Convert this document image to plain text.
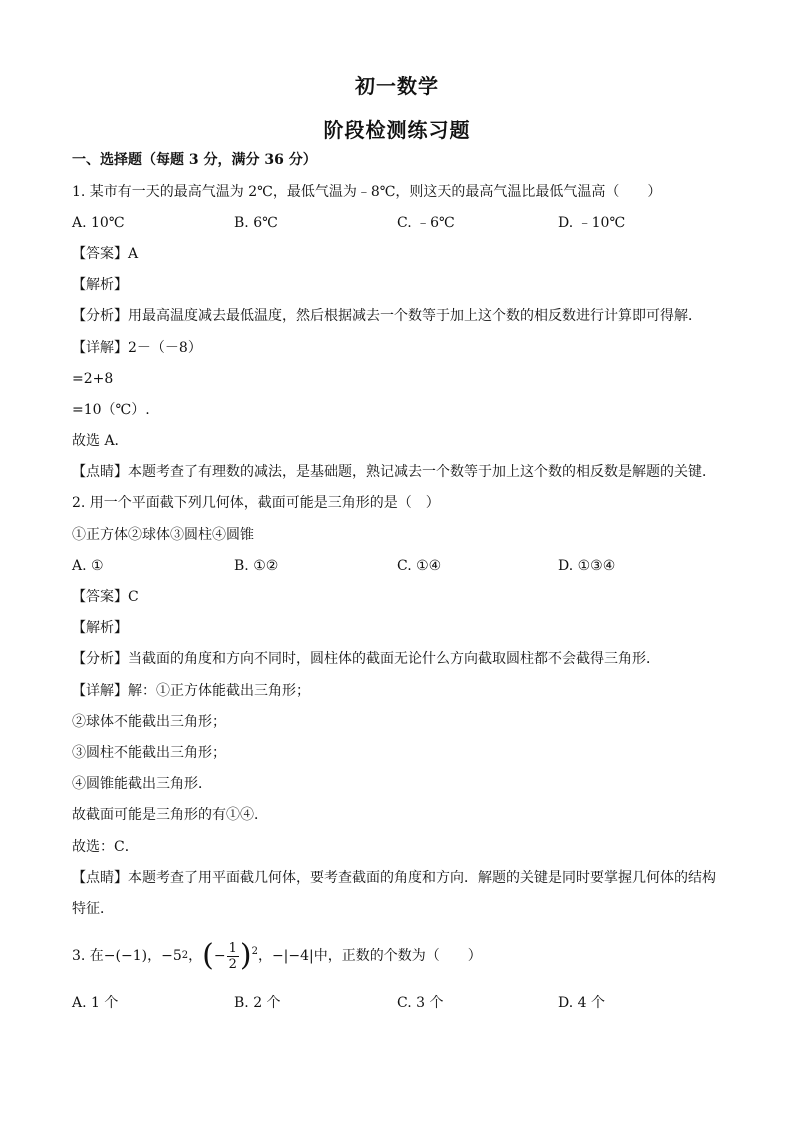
初一数学
阶段检测练习题
一、选择题（每题 3 分，满分 36 分）
1. 某市有一天的最高气温为 2℃，最低气温为﹣8℃，则这天的最高气温比最低气温高（　　）
A. 10℃	B. 6℃	C. ﹣6℃	D. ﹣10℃
【答案】A
【解析】
【分析】用最高温度减去最低温度，然后根据减去一个数等于加上这个数的相反数进行计算即可得解．
【详解】2－（－8）
=2+8
=10（℃）.
故选 A．
【点睛】本题考查了有理数的减法，是基础题，熟记减去一个数等于加上这个数的相反数是解题的关键．
2. 用一个平面截下列几何体，截面可能是三角形的是（　）
①正方体②球体③圆柱④圆锥
A. ①	B. ①②	C. ①④	D. ①③④
【答案】C
【解析】
【分析】当截面的角度和方向不同时，圆柱体的截面无论什么方向截取圆柱都不会截得三角形．
【详解】解：①正方体能截出三角形；
②球体不能截出三角形；
③圆柱不能截出三角形；
④圆锥能截出三角形．
故截面可能是三角形的有①④．
故选：C．
【点睛】本题考查了用平面截几何体，要考查截面的角度和方向．解题的关键是同时要掌握几何体的结构
特征．
3. 在−(−1)，−5 2 ， ( − $\frac{1}{2} )^2$ ，−|−4|中，正数的个数为（　　）
A. 1 个	B. 2 个	C. 3 个	D. 4 个
